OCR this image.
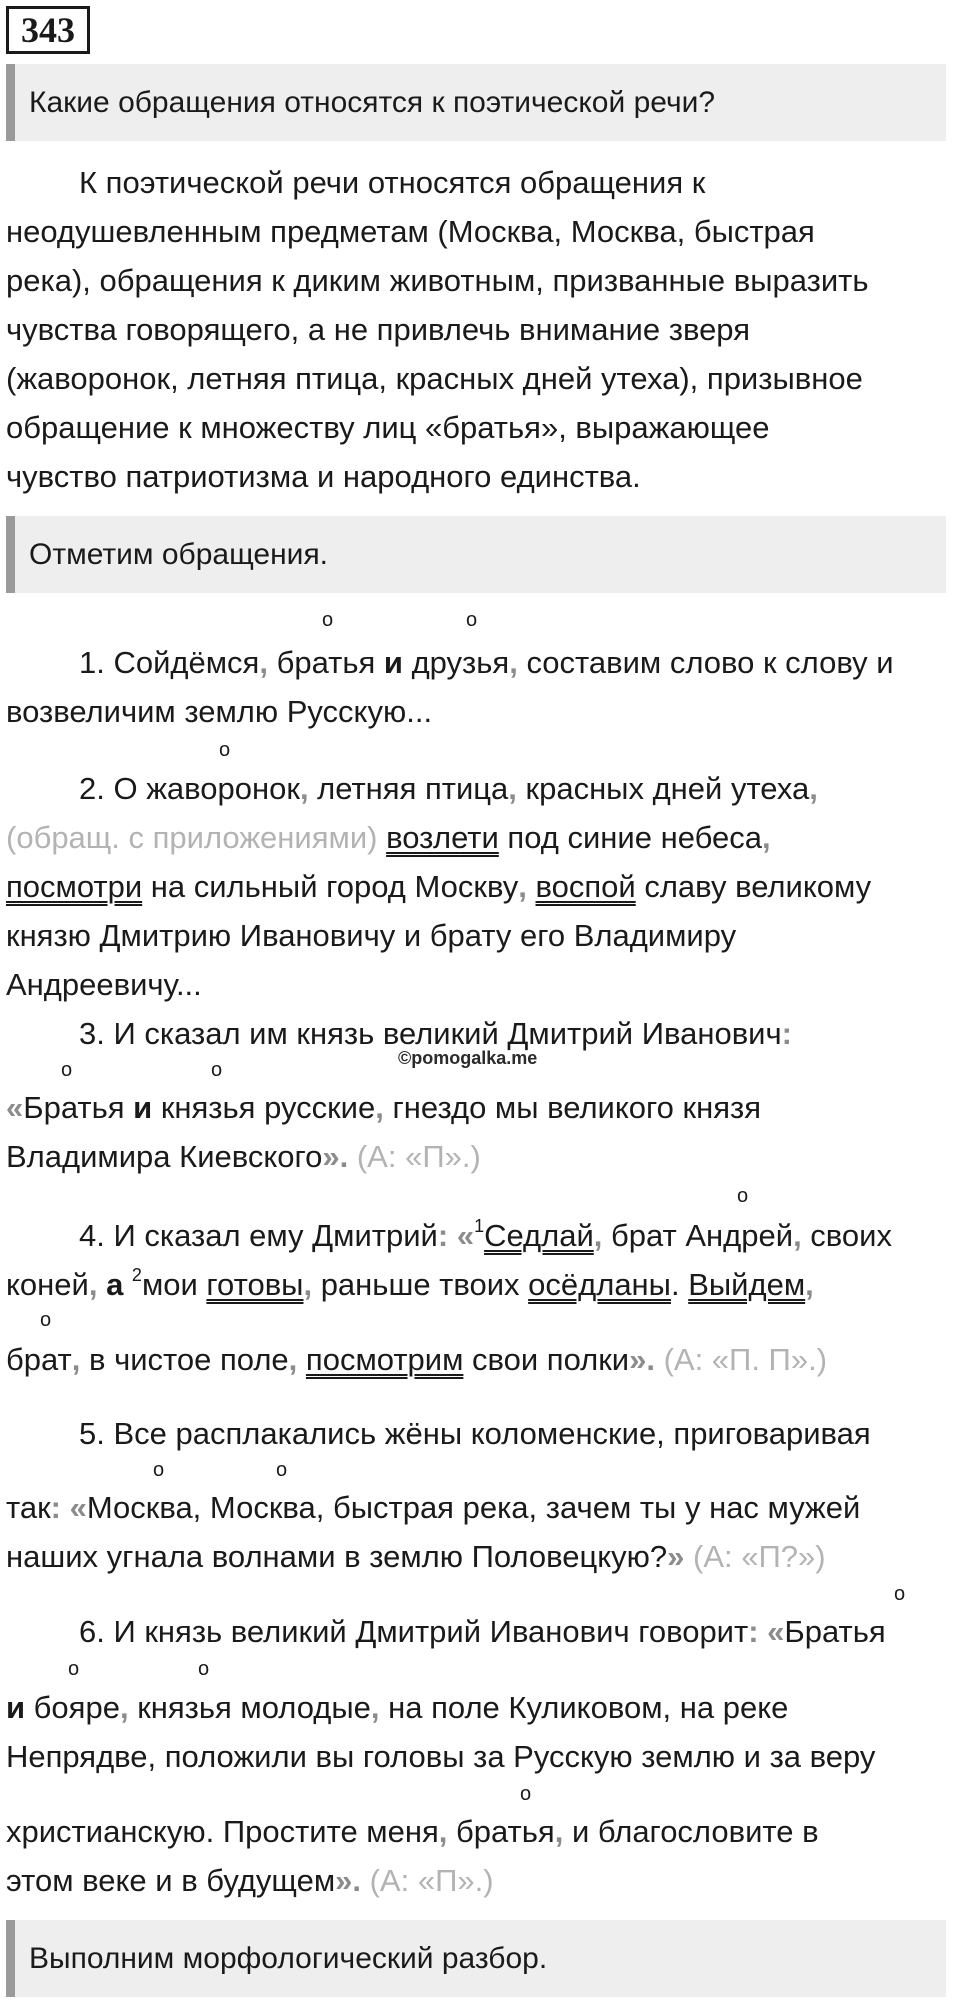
343
Какие обращения относятся к поэтической речи?
К поэтической речи относятся обращения к
неодушевленным предметам (Москва, Москва, быстрая
река), обращения к диким животным, призванные выразить
чувства говорящего, а не привлечь внимание зверя
(жаворонок, летняя птица, красных дней утеха), призывное
обращение к множеству лиц «братья», выражающее
чувство патриотизма и народного единства.
Отметим обращения.
о	о
1. Сойдёмся, братья и друзья, составим слово к слову и
возвеличим землю Русскую...
о
2. О жаворонок, летняя птица, красных дней утеха,
(обращ. с приложениями) возлети под синие небеса,
посмотри на сильный город Москву, воспой славу великому
князю Дмитрию Ивановичу и брату его Владимиру
Андреевичу...
3. И сказал им князь великий Дмитрий Иванович:
о	о
©pomogalka.me
«Братья и князья русские, гнездо мы великого князя
Владимира Киевского». (А: «П».)
о
4. И сказал ему Дмитрий: «$^1$Седлай, брат Андрей, своих
коней, а $^2$мои готовы, раньше твоих осёдланы. Выйдем,
о
брат, в чистое поле, посмотрим свои полки». (А: «П. П».)
5. Все расплакались жёны коломенские, приговаривая
о	о
так: «Москва, Москва, быстрая река, зачем ты у нас мужей
наших угнала волнами в землю Половецкую?» (А: «П?»)
о
6. И князь великий Дмитрий Иванович говорит: «Братья
о	о
и бояре, князья молодые, на поле Куликовом, на реке
Непрядве, положили вы головы за Русскую землю и за веру
о
христианскую. Простите меня, братья, и благословите в
этом веке и в будущем». (А: «П».)
Выполним морфологический разбор.
